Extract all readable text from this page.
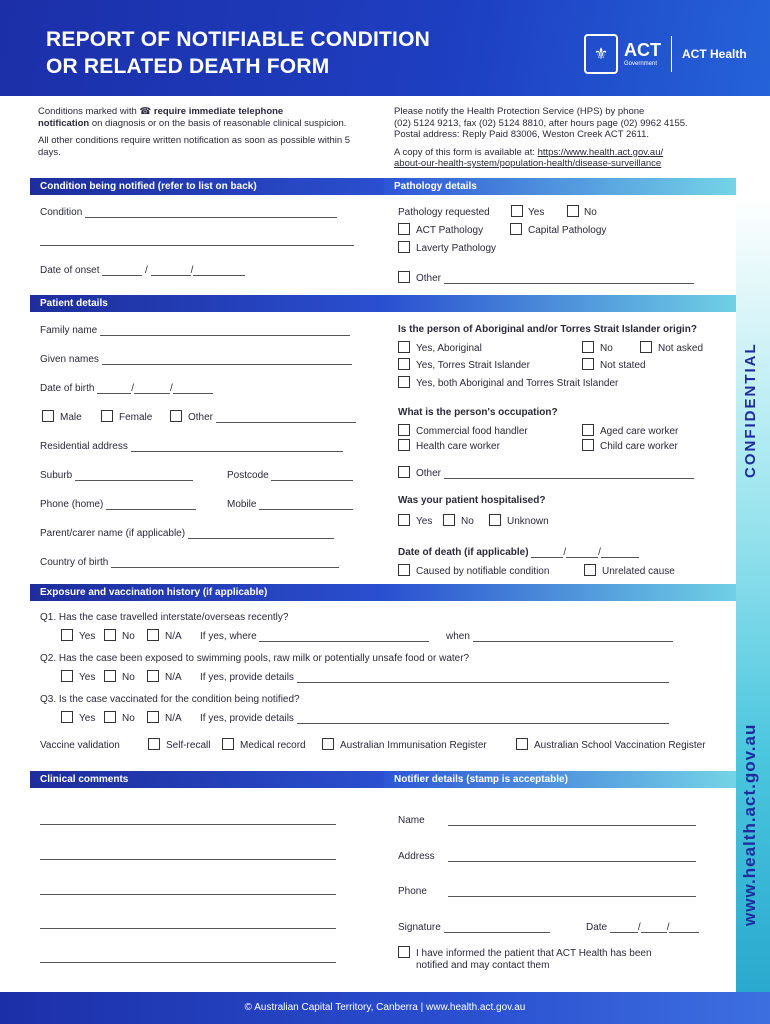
REPORT OF NOTIFIABLE CONDITION
OR RELATED DEATH FORM
⚜ ACT
Government
ACT Health
Conditions marked with ☎ require immediate telephone
notification on diagnosis or on the basis of reasonable clinical suspicion.
All other conditions require written notification as soon as possible within 5 days.
Please notify the Health Protection Service (HPS) by phone
(02) 5124 9213, fax (02) 5124 8810, after hours page (02) 9962 4155.
Postal address: Reply Paid 83006, Weston Creek ACT 2611.
A copy of this form is available at: https://www.health.act.gov.au/
about-our-health-system/population-health/disease-surveillance
CONFIDENTIAL
www.health.act.gov.au
Condition being notified (refer to list on back)	Pathology details
Condition
Date of onset	/	/
Pathology requested	Yes	No
ACT Pathology	Capital Pathology
Laverty Pathology
Other
Patient details
Family name
Given names
Date of birth	/	/
Male	Female	Other
Residential address
Suburb	Postcode
Phone (home)	Mobile
Parent/carer name (if applicable)
Country of birth
Is the person of Aboriginal and/or Torres Strait Islander origin?
Yes, Aboriginal	No	Not asked
Yes, Torres Strait Islander	Not stated
Yes, both Aboriginal and Torres Strait Islander
What is the person's occupation?
Commercial food handler	Aged care worker
Health care worker	Child care worker
Other
Was your patient hospitalised?
Yes	No	Unknown
Date of death (if applicable)	/	/
Caused by notifiable condition	Unrelated cause
Exposure and vaccination history (if applicable)
Q1. Has the case travelled interstate/overseas recently?
Yes	No	N/A If yes, where	when
Q2. Has the case been exposed to swimming pools, raw milk or potentially unsafe food or water?
Yes	No	N/A If yes, provide details
Q3. Is the case vaccinated for the condition being notified?
Yes	No	N/A If yes, provide details
Vaccine validation	Self-recall	Medical record	Australian Immunisation Register	Australian School Vaccination Register
Clinical comments	Notifier details (stamp is acceptable)
Name
Address
Phone
Signature	Date	/	/
I have informed the patient that ACT Health has been
notified and may contact them
© Australian Capital Territory, Canberra | www.health.act.gov.au
